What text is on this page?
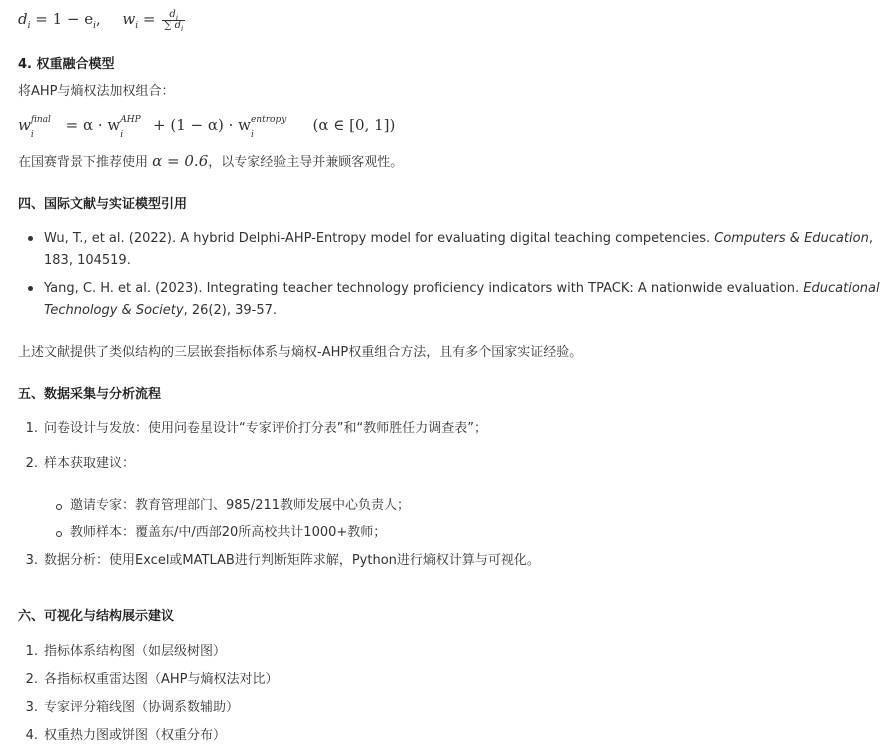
$d_i = 1 - e_i$, $w_i = \frac{d_i}{\sum d_i}$
4. 权重融合模型
将AHP与熵权法加权组合：
w final
i
= α · w AHP
i
+ (1 − α) · w entropy
i
(α ∈ [0, 1])
在国赛背景下推荐使用 α = 0.6，以专家经验主导并兼顾客观性。
四、国际文献与实证模型引用
Wu, T., et al. (2022). A hybrid Delphi-AHP-Entropy model for evaluating digital teaching competencies. Computers & Education,
183, 104519.
Yang, C. H. et al. (2023). Integrating teacher technology proficiency indicators with TPACK: A nationwide evaluation. Educational
Technology & Society, 26(2), 39-57.
上述文献提供了类似结构的三层嵌套指标体系与熵权-AHP权重组合方法，且有多个国家实证经验。
五、数据采集与分析流程
1. 问卷设计与发放：使用问卷星设计“专家评价打分表”和“教师胜任力调查表”；
2. 样本获取建议：
邀请专家：教育管理部门、985/211教师发展中心负责人；
教师样本：覆盖东/中/西部20所高校共计1000+教师；
3. 数据分析：使用Excel或MATLAB进行判断矩阵求解，Python进行熵权计算与可视化。
六、可视化与结构展示建议
1. 指标体系结构图（如层级树图）
2. 各指标权重雷达图（AHP与熵权法对比）
3. 专家评分箱线图（协调系数辅助）
4. 权重热力图或饼图（权重分布）
